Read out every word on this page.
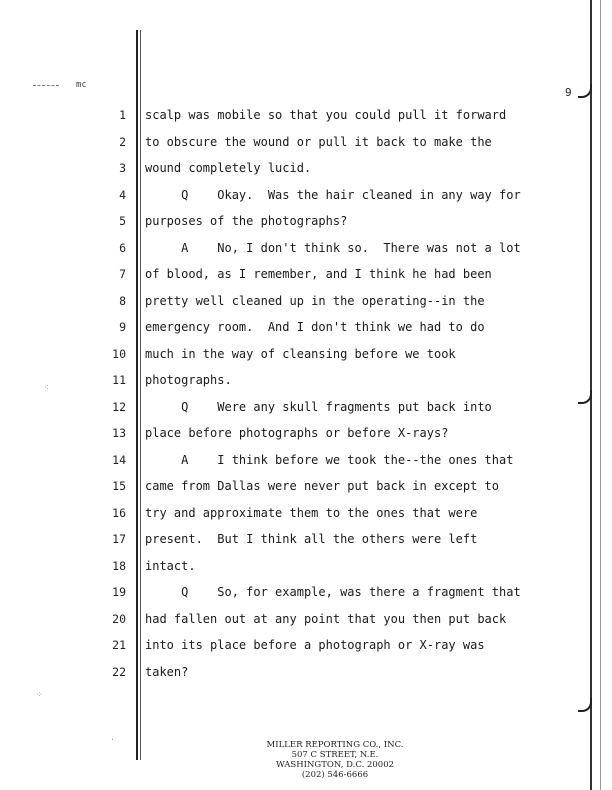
mc
9
⁖
⁘
·
1 scalp was mobile so that you could pull it forward
2 to obscure the wound or pull it back to make the
3 wound completely lucid.
4 Q    Okay.  Was the hair cleaned in any way for
5 purposes of the photographs?
6 A    No, I don't think so.  There was not a lot
7 of blood, as I remember, and I think he had been
8 pretty well cleaned up in the operating--in the
9 emergency room.  And I don't think we had to do
10 much in the way of cleansing before we took
11 photographs.
12 Q    Were any skull fragments put back into
13 place before photographs or before X-rays?
14 A    I think before we took the--the ones that
15 came from Dallas were never put back in except to
16 try and approximate them to the ones that were
17 present.  But I think all the others were left
18 intact.
19 Q    So, for example, was there a fragment that
20 had fallen out at any point that you then put back
21 into its place before a photograph or X-ray was
22 taken?
MILLER REPORTING CO., INC.
507 C STREET, N.E.
WASHINGTON, D.C. 20002
(202) 546-6666
